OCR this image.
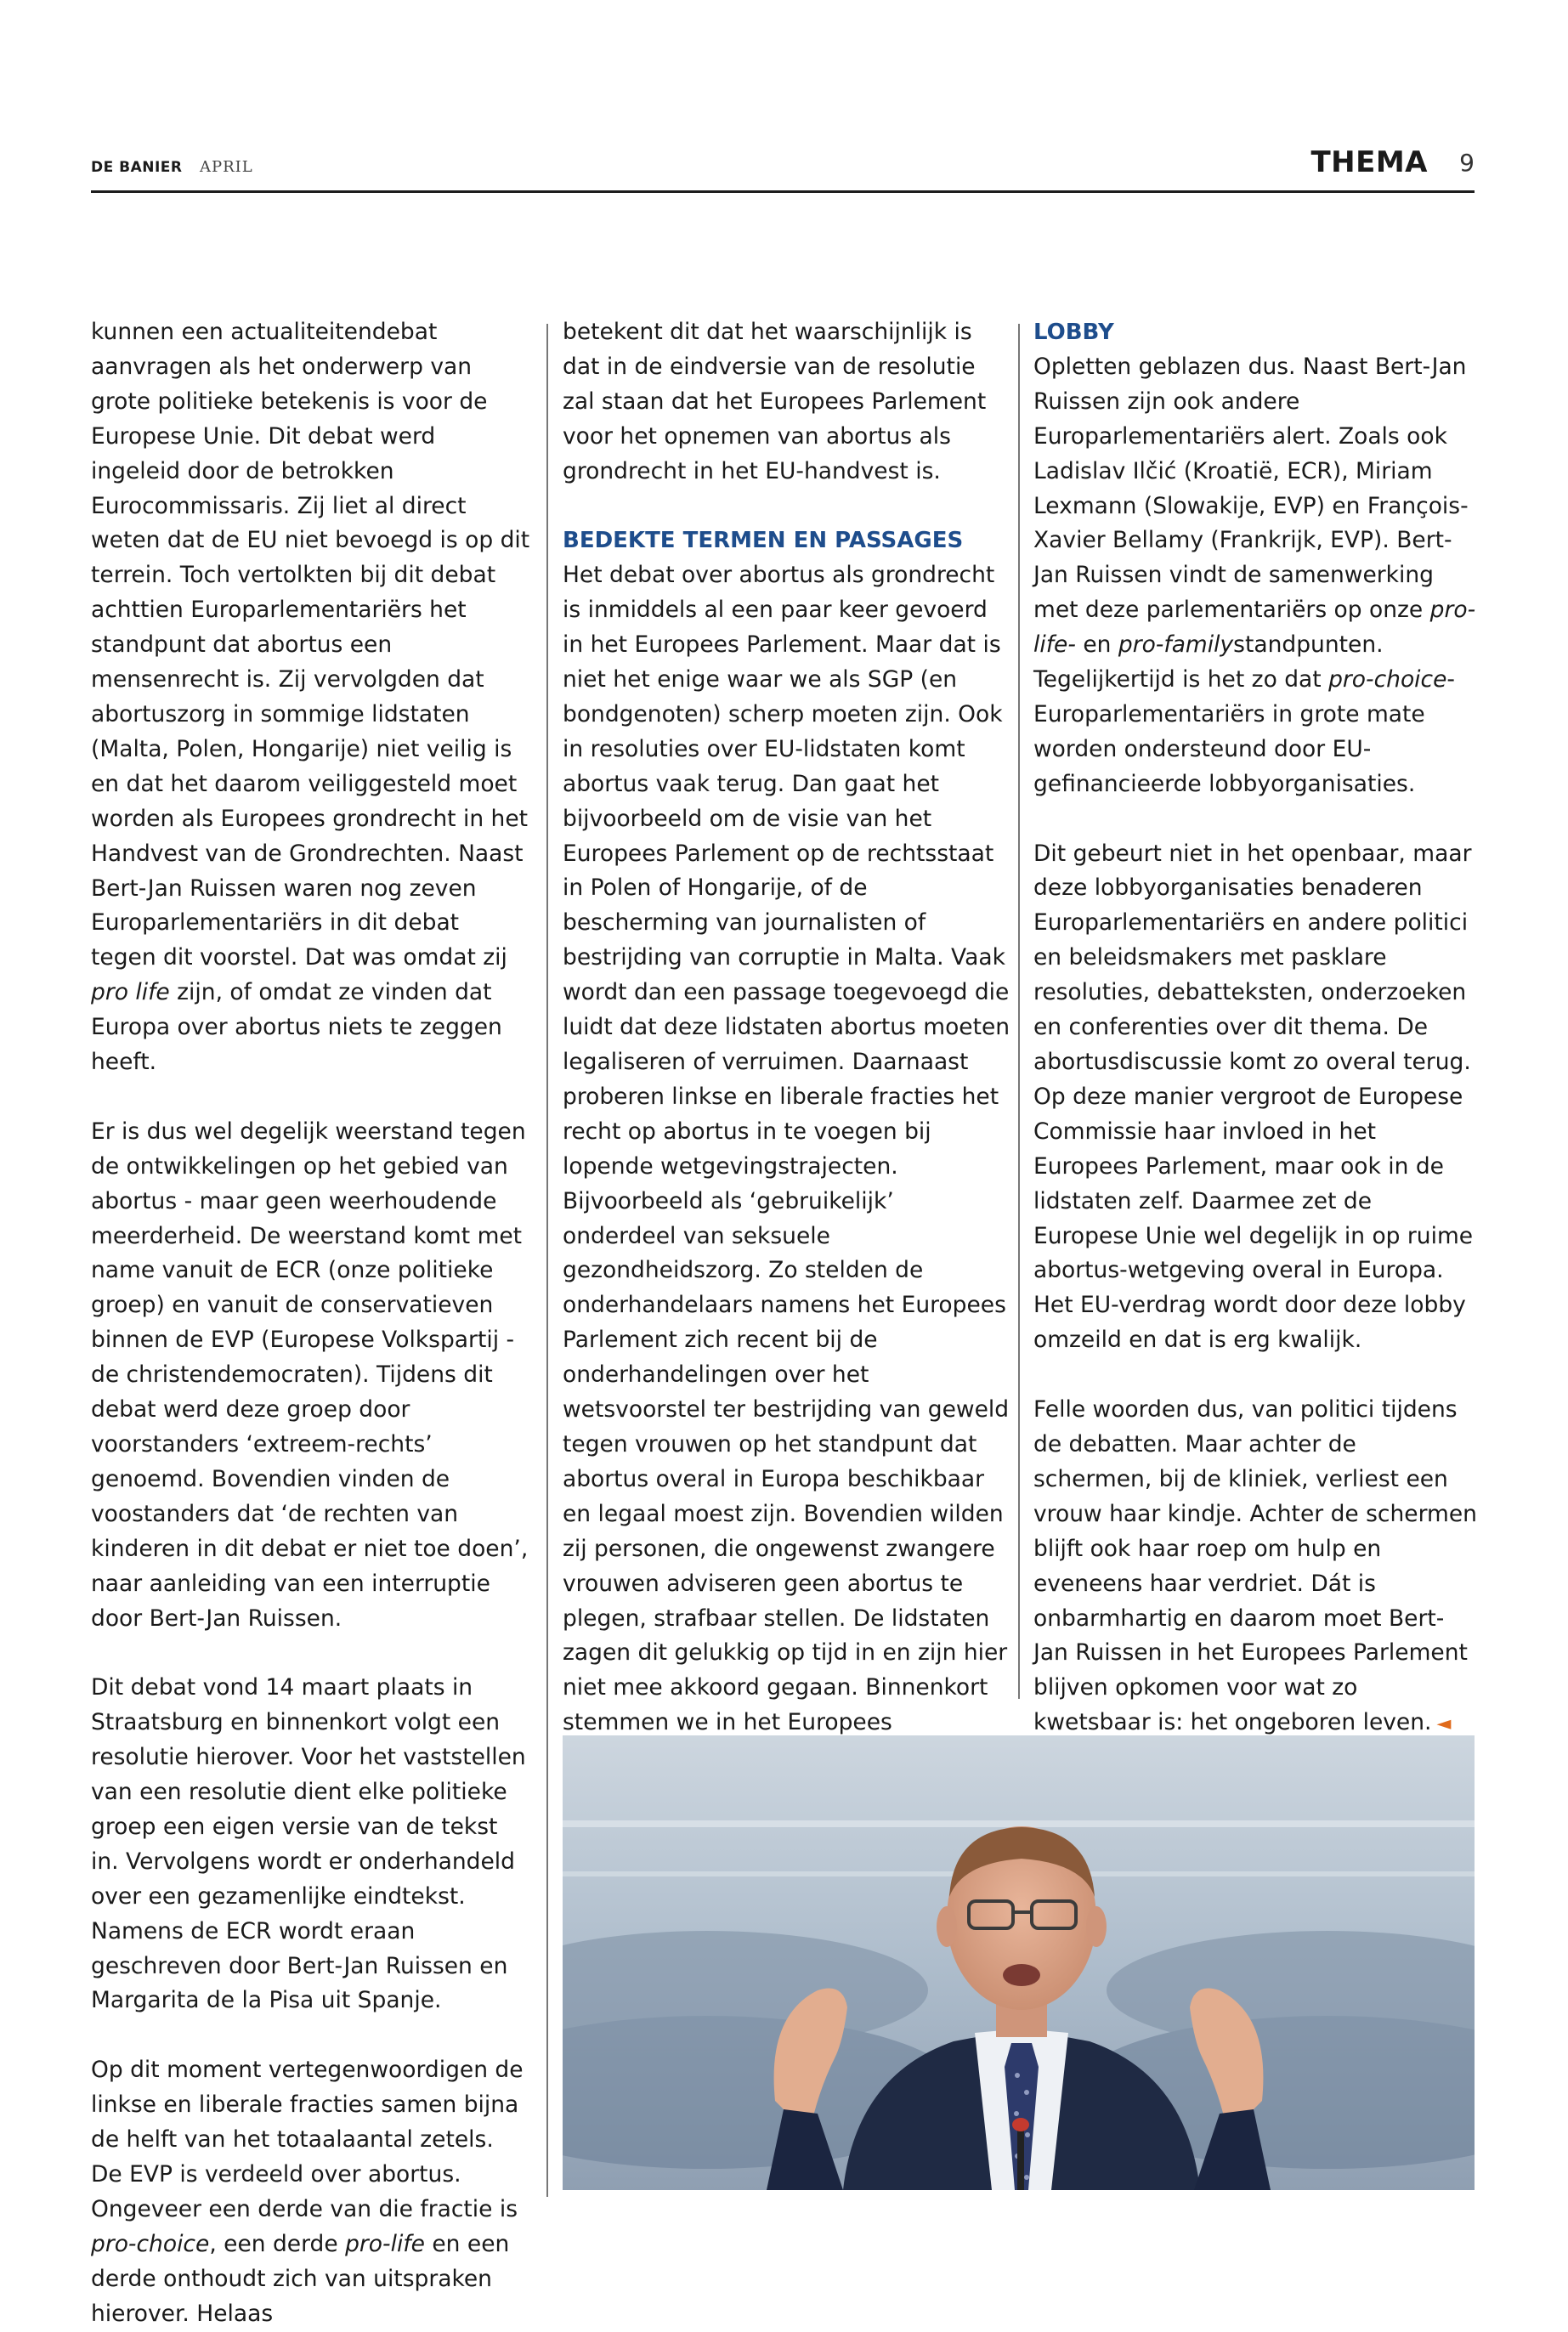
DE BANIER APRIL	THEMA 9

kunnen een actualiteitendebat aanvragen als het onderwerp van grote politieke betekenis is voor de Europese Unie. Dit debat werd ingeleid door de betrokken Eurocommissaris. Zij liet al direct weten dat de EU niet bevoegd is op dit terrein. Toch vertolkten bij dit debat achttien Europarlementariërs het standpunt dat abortus een mensenrecht is. Zij vervolgden dat abortuszorg in sommige lidstaten (Malta, Polen, Hongarije) niet veilig is en dat het daarom veiliggesteld moet worden als Europees grondrecht in het Handvest van de Grondrechten. Naast Bert-Jan Ruissen waren nog zeven Europarlementariërs in dit debat tegen dit voorstel. Dat was omdat zij pro life zijn, of omdat ze vinden dat Europa over abortus niets te zeggen heeft.

Er is dus wel degelijk weerstand tegen de ontwikkelingen op het gebied van abortus - maar geen weerhoudende meerderheid. De weerstand komt met name vanuit de ECR (onze politieke groep) en vanuit de conservatieven binnen de EVP (Europese Volkspartij - de christendemocraten). Tijdens dit debat werd deze groep door voorstanders ‘extreem-rechts’ genoemd. Bovendien vinden de voostanders dat ‘de rechten van kinderen in dit debat er niet toe doen’, naar aanleiding van een interruptie door Bert-Jan Ruissen.

Dit debat vond 14 maart plaats in Straatsburg en binnenkort volgt een resolutie hierover. Voor het vaststellen van een resolutie dient elke politieke groep een eigen versie van de tekst in. Vervolgens wordt er onderhandeld over een gezamenlijke eindtekst. Namens de ECR wordt eraan geschreven door Bert-Jan Ruissen en Margarita de la Pisa uit Spanje.

Op dit moment vertegenwoordigen de linkse en liberale fracties samen bijna de helft van het totaalaantal zetels. De EVP is verdeeld over abortus. Ongeveer een derde van die fractie is pro-choice, een derde pro-life en een derde onthoudt zich van uitspraken hierover. Helaas

betekent dit dat het waarschijnlijk is dat in de eindversie van de resolutie zal staan dat het Europees Parlement voor het opnemen van abortus als grondrecht in het EU-handvest is.

BEDEKTE TERMEN EN PASSAGES

Het debat over abortus als grondrecht is inmiddels al een paar keer gevoerd in het Europees Parlement. Maar dat is niet het enige waar we als SGP (en bondgenoten) scherp moeten zijn. Ook in resoluties over EU-lidstaten komt abortus vaak terug. Dan gaat het bijvoorbeeld om de visie van het Europees Parlement op de rechtsstaat in Polen of Hongarije, of de bescherming van journalisten of bestrijding van corruptie in Malta. Vaak wordt dan een passage toegevoegd die luidt dat deze lidstaten abortus moeten legaliseren of verruimen. Daarnaast proberen linkse en liberale fracties het recht op abortus in te voegen bij lopende wetgevingstrajecten. Bijvoorbeeld als ‘gebruikelijk’ onderdeel van seksuele gezondheidszorg. Zo stelden de onderhandelaars namens het Europees Parlement zich recent bij de onderhandelingen over het wetsvoorstel ter bestrijding van geweld tegen vrouwen op het standpunt dat abortus overal in Europa beschikbaar en legaal moest zijn. Bovendien wilden zij personen, die ongewenst zwangere vrouwen adviseren geen abortus te plegen, strafbaar stellen. De lidstaten zagen dit gelukkig op tijd in en zijn hier niet mee akkoord gegaan. Binnenkort stemmen we in het Europees

LOBBY

Opletten geblazen dus. Naast Bert-Jan Ruissen zijn ook andere Europarlementariërs alert. Zoals ook Ladislav Ilčić (Kroatië, ECR), Miriam Lexmann (Slowakije, EVP) en François-Xavier Bellamy (Frankrijk, EVP). Bert-Jan Ruissen vindt de samenwerking met deze parlementariërs op onze pro-life- en pro-familystandpunten. Tegelijkertijd is het zo dat pro-choice-Europarlementariërs in grote mate worden ondersteund door EU-gefinancieerde lobbyorganisaties.

Dit gebeurt niet in het openbaar, maar deze lobbyorganisaties benaderen Europarlementariërs en andere politici en beleidsmakers met pasklare resoluties, debatteksten, onderzoeken en conferenties over dit thema. De abortusdiscussie komt zo overal terug. Op deze manier vergroot de Europese Commissie haar invloed in het Europees Parlement, maar ook in de lidstaten zelf. Daarmee zet de Europese Unie wel degelijk in op ruime abortus-wetgeving overal in Europa. Het EU-verdrag wordt door deze lobby omzeild en dat is erg kwalijk.

Felle woorden dus, van politici tijdens de debatten. Maar achter de schermen, bij de kliniek, verliest een vrouw haar kindje. Achter de schermen blijft ook haar roep om hulp en eveneens haar verdriet. Dát is onbarmhartig en daarom moet Bert-Jan Ruissen in het Europees Parlement blijven opkomen voor wat zo kwetsbaar is: het ongeboren leven. ◄
